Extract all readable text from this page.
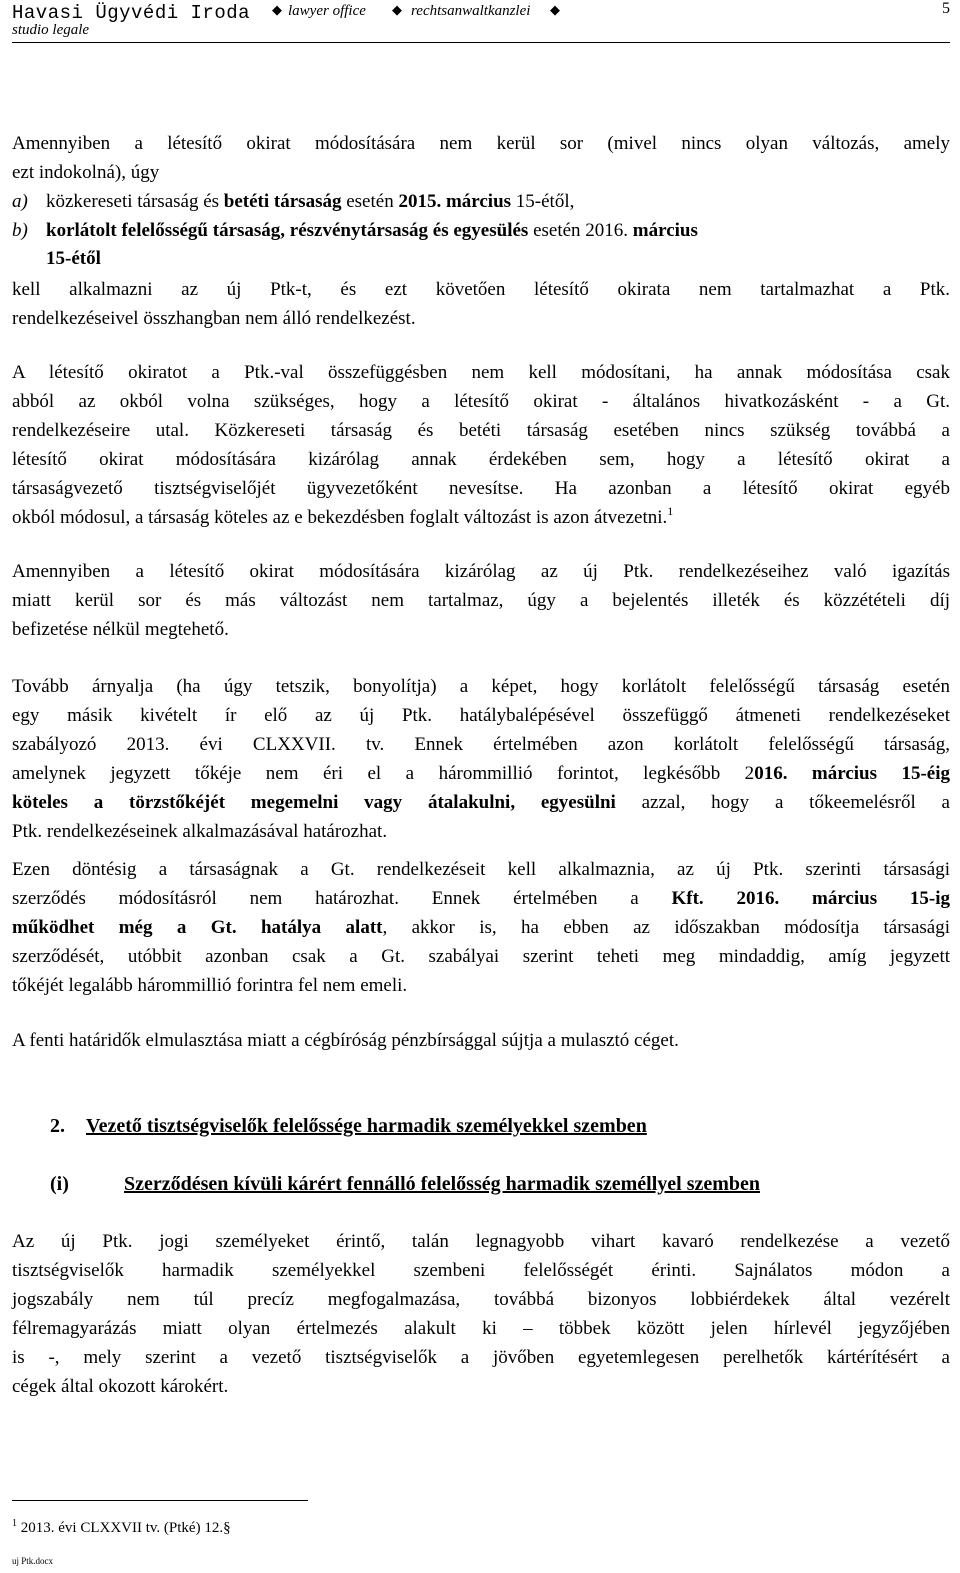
Havasi Ügyvédi Iroda ◆ lawyer office ◆ rechtsanwaltkanzlei ◆
studio legale
5
Amennyiben a létesítő okirat módosítására nem kerül sor (mivel nincs olyan változás, amely
ezt indokolná), úgy
a) közkereseti társaság és betéti társaság esetén 2015. március 15-étől,
b) korlátolt felelősségű társaság, részvénytársaság és egyesülés esetén 2016. március
15-étől
kell alkalmazni az új Ptk-t, és ezt követően létesítő okirata nem tartalmazhat a Ptk.
rendelkezéseivel összhangban nem álló rendelkezést.
A létesítő okiratot a Ptk.-val összefüggésben nem kell módosítani, ha annak módosítása csak
abból az okból volna szükséges, hogy a létesítő okirat - általános hivatkozásként - a Gt.
rendelkezéseire utal. Közkereseti társaság és betéti társaság esetében nincs szükség továbbá a
létesítő okirat módosítására kizárólag annak érdekében sem, hogy a létesítő okirat a
társaságvezető tisztségviselőjét ügyvezetőként nevesítse. Ha azonban a létesítő okirat egyéb
okból módosul, a társaság köteles az e bekezdésben foglalt változást is azon átvezetni.$^1$
Amennyiben a létesítő okirat módosítására kizárólag az új Ptk. rendelkezéseihez való igazítás
miatt kerül sor és más változást nem tartalmaz, úgy a bejelentés illeték és közzétételi díj
befizetése nélkül megtehető.
Tovább árnyalja (ha úgy tetszik, bonyolítja) a képet, hogy korlátolt felelősségű társaság esetén
egy másik kivételt ír elő az új Ptk. hatálybalépésével összefüggő átmeneti rendelkezéseket
szabályozó 2013. évi CLXXVII. tv. Ennek értelmében azon korlátolt felelősségű társaság,
amelynek jegyzett tőkéje nem éri el a hárommillió forintot, legkésőbb 2016. március 15-éig
köteles a törzstőkéjét megemelni vagy átalakulni, egyesülni azzal, hogy a tőkeemelésről a
Ptk. rendelkezéseinek alkalmazásával határozhat.
Ezen döntésig a társaságnak a Gt. rendelkezéseit kell alkalmaznia, az új Ptk. szerinti társasági
szerződés módosításról nem határozhat. Ennek értelmében a Kft. 2016. március 15-ig
működhet még a Gt. hatálya alatt, akkor is, ha ebben az időszakban módosítja társasági
szerződését, utóbbit azonban csak a Gt. szabályai szerint teheti meg mindaddig, amíg jegyzett
tőkéjét legalább hárommillió forintra fel nem emeli.
A fenti határidők elmulasztása miatt a cégbíróság pénzbírsággal sújtja a mulasztó céget.
2. Vezető tisztségviselők felelőssége harmadik személyekkel szemben
(i)	Szerződésen kívüli kárért fennálló felelősség harmadik személlyel szemben
Az új Ptk. jogi személyeket érintő, talán legnagyobb vihart kavaró rendelkezése a vezető
tisztségviselők harmadik személyekkel szembeni felelősségét érinti. Sajnálatos módon a
jogszabály nem túl precíz megfogalmazása, továbbá bizonyos lobbiérdekek által vezérelt
félremagyarázás miatt olyan értelmezés alakult ki – többek között jelen hírlevél jegyzőjében
is -, mely szerint a vezető tisztségviselők a jövőben egyetemlegesen perelhetők kártérítésért a
cégek által okozott károkért.
$^1$ 2013. évi CLXXVII tv. (Ptké) 12.§
uj Ptk.docx
